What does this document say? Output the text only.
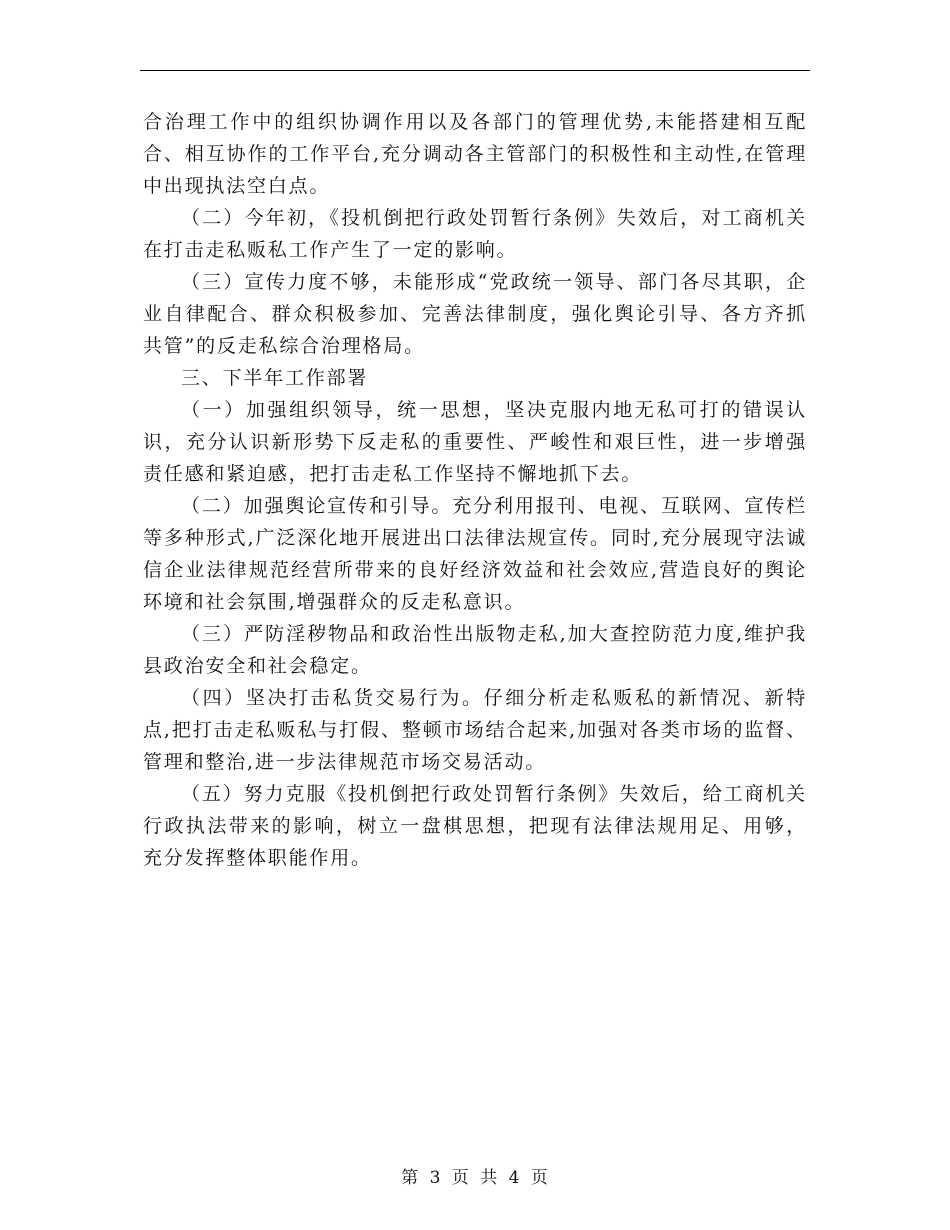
合治理工作中的组织协调作用以及各部门的管理优势,未能搭建相互配合、相互协作的工作平台,充分调动各主管部门的积极性和主动性,在管理中出现执法空白点。

（二）今年初，《投机倒把行政处罚暂行条例》失效后，对工商机关在打击走私贩私工作产生了一定的影响。

（三）宣传力度不够，未能形成“党政统一领导、部门各尽其职，企业自律配合、群众积极参加、完善法律制度，强化舆论引导、各方齐抓共管”的反走私综合治理格局。

三、下半年工作部署

（一）加强组织领导，统一思想，坚决克服内地无私可打的错误认识，充分认识新形势下反走私的重要性、严峻性和艰巨性，进一步增强责任感和紧迫感，把打击走私工作坚持不懈地抓下去。

（二）加强舆论宣传和引导。充分利用报刊、电视、互联网、宣传栏等多种形式,广泛深化地开展进出口法律法规宣传。同时,充分展现守法诚信企业法律规范经营所带来的良好经济效益和社会效应,营造良好的舆论环境和社会氛围,增强群众的反走私意识。

（三）严防淫秽物品和政治性出版物走私,加大查控防范力度,维护我县政治安全和社会稳定。

（四）坚决打击私货交易行为。仔细分析走私贩私的新情况、新特点,把打击走私贩私与打假、整顿市场结合起来,加强对各类市场的监督、管理和整治,进一步法律规范市场交易活动。

（五）努力克服《投机倒把行政处罚暂行条例》失效后，给工商机关行政执法带来的影响，树立一盘棋思想，把现有法律法规用足、用够，充分发挥整体职能作用。

第 3 页 共 4 页
